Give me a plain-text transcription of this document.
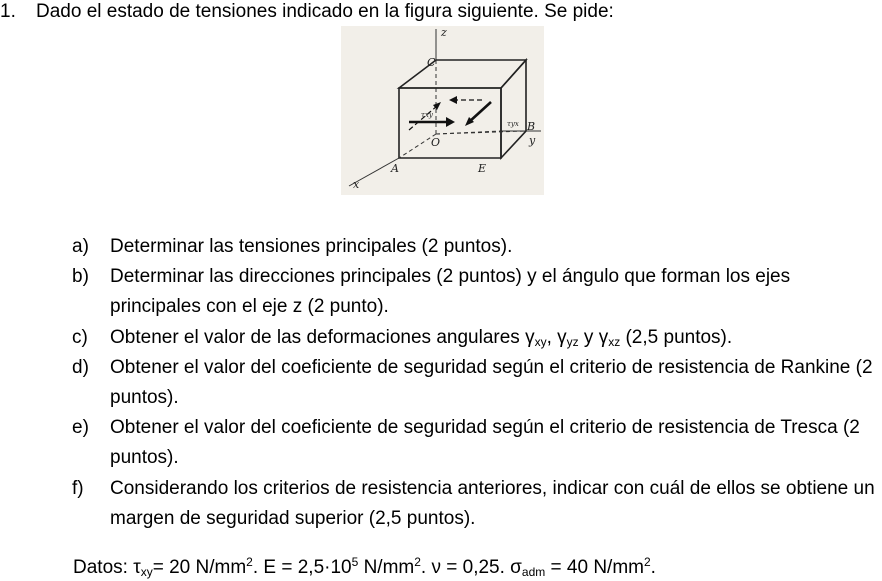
1. Dado el estado de tensiones indicado en la figura siguiente. Se pide:
z
y
x
C
B
O
A	E
τxy
τyx

a) Determinar las tensiones principales (2 puntos).

b) Determinar las direcciones principales (2 puntos) y el ángulo que forman los ejes principales con el eje z (2 punto).

c) Obtener el valor de las deformaciones angulares $\gamma_{xy}$, $\gamma_{yz}$ y $\gamma_{xz}$ (2,5 puntos).

d) Obtener el valor del coeficiente de seguridad según el criterio de resistencia de Rankine (2 puntos).

e) Obtener el valor del coeficiente de seguridad según el criterio de resistencia de Tresca (2 puntos).

f) Considerando los criterios de resistencia anteriores, indicar con cuál de ellos se obtiene un margen de seguridad superior (2,5 puntos).

Datos: $\tau_{xy}= 20$ $N/mm^2$. $E = 2,5\cdot 10^5$ $N/mm^2$. ν = 0,25. $\sigma_{adm} = 40$ $N/mm^2$.
